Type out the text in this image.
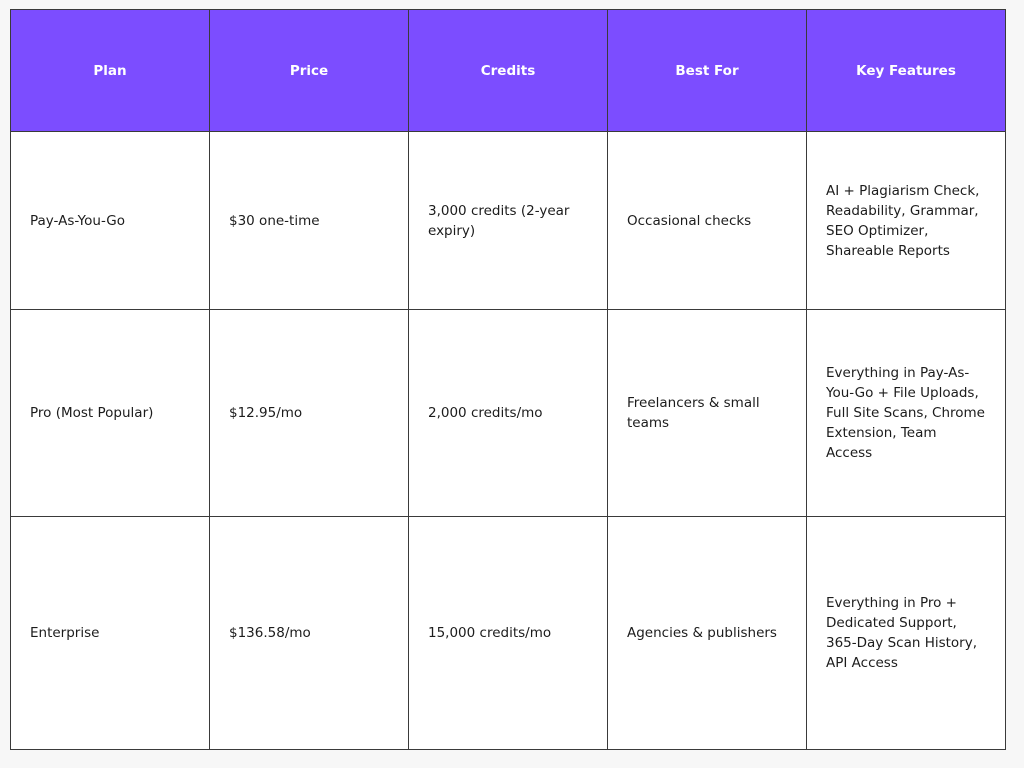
Plan	Price	Credits	Best For	Key Features
Pay-As-You-Go	$30 one-time	3,000 credits (2-year expiry)	Occasional checks	AI + Plagiarism Check, Readability, Grammar, SEO Optimizer, Shareable Reports
Pro (Most Popular)	$12.95/mo	2,000 credits/mo	Freelancers & small teams	Everything in Pay-As-You-Go + File Uploads, Full Site Scans, Chrome Extension, Team Access
Enterprise	$136.58/mo	15,000 credits/mo	Agencies & publishers	Everything in Pro + Dedicated Support, 365-Day Scan History, API Access
